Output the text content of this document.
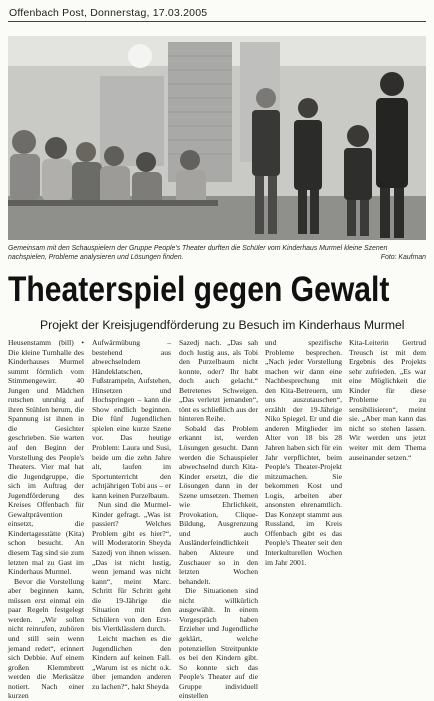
Offenbach Post, Donnerstag, 17.03.2005
Gemeinsam mit den Schauspielern der Gruppe People's Theater durften die Schüler vom Kinderhaus Murmel kleine Szenen nachspielen, Probleme analysieren und Lösungen finden.	Foto: Kaufman
Theaterspiel gegen Gewalt
Projekt der Kreisjugendförderung zu Besuch im Kinderhaus Murmel

Heusenstamm (bill) • Die kleine Turnhalle des Kinderhauses Murmel summt förmlich vom Stimmengewirr. 40 Jungen und Mädchen rutschen unruhig auf ihren Stühlen herum, die Spannung ist ihnen in die Gesichter geschrieben. Sie warten auf den Beginn der Vorstellung des People's Theaters. Vier mal hat die Jugendgruppe, die sich im Auftrag der Jugendförderung des Kreises Offenbach für Gewaltprävention einsetzt, die Kindertagesstätte (Kita) schon besucht. An diesem Tag sind sie zum letzten mal zu Gast im Kinderhaus Murmel.

Bevor die Vorstellung aber beginnen kann, müssen erst einmal ein paar Regeln festgelegt werden. „Wir sollen nicht reinrufen, zuhören und still sein wenn jemand redet“, erinnert sich Debbie. Auf einem großen Klemmbrett werden die Merksätze notiert. Nach einer kurzen

Aufwärmübung – bestehend aus abwechselndem Händeklatschen, Fußstrampeln, Aufstehen, Hinsetzen und Hochspringen – kann die Show endlich beginnen. Die fünf Jugendlichen spielen eine kurze Szene vor. Das heutige Problem: Laura und Susi, beide um die zehn Jahre alt, laufen im Sportunterricht den achtjährigen Tobi aus – er kann keinen Purzelbaum.

Nun sind die Murmel-Kinder gefragt. „Was ist passiert? Welches Problem gibt es hier?“, will Moderatorin Sheyda Sazedj von ihnen wissen. „Das ist nicht lustig, wenn jemand was nicht kann“, meint Marc. Schritt für Schritt geht die 19-Jährige die Situation mit den Schülern von den Erst- bis Viertklässlern durch.

Leicht machen es die Jugendlichen den Kindern auf keinen Fall. „Warum ist es nicht o.k. über jemanden anderen zu lachen?“, hakt Sheyda

Sazedj nach. „Das sah doch lustig aus, als Tobi den Purzelbaum nicht konnte, oder? Ihr habt doch auch gelacht.“ Betretenes Schweigen. „Das verletzt jemanden“, tönt es schließlich aus der hinteren Reihe.

Sobald das Problem erkannt ist, werden Lösungen gesucht. Dann werden die Schauspieler abwechselnd durch Kita-Kinder ersetzt, die die Lösungen dann in der Szene umsetzen. Themen wie Ehrlichkeit, Provokation, Clique-Bildung, Ausgrenzung und auch Ausländerfeindlichkeit haben Akteure und Zuschauer so in den letzten Wochen behandelt.

Die Situationen sind nicht willkürlich ausgewählt. In einem Vorgespräch haben Erzieher und Jugendliche geklärt, welche potenziellen Streitpunkte es bei den Kindern gibt. So konnte sich das People's Theater auf die Gruppe individuell einstellen

und spezifische Probleme besprechen. „Nach jeder Vorstellung machen wir dann eine Nachbesprechung mit den Kita-Betreuern, um uns auszutauschen“, erzählt der 19-Jährige Niko Spiegel. Er und die anderen Mitglieder im Alter von 18 bis 28 Jahren haben sich für ein Jahr verpflichtet, beim People's Theater-Projekt mitzumachen. Sie bekommen Kost und Logis, arbeiten aber ansonsten ehrenamtlich. Das Konzept stammt aus Russland, im Kreis Offenbach gibt es das People's Theater seit den Interkulturellen Wochen im Jahr 2001.

Kita-Leiterin Gertrud Treusch ist mit dem Ergebnis des Projekts sehr zufrieden. „Es war eine Möglichkeit die Kinder für diese Probleme zu sensibilisieren“, meint sie. „Aber man kann das nicht so stehen lassen. Wir werden uns jetzt weiter mit dem Thema auseinander setzen.“
